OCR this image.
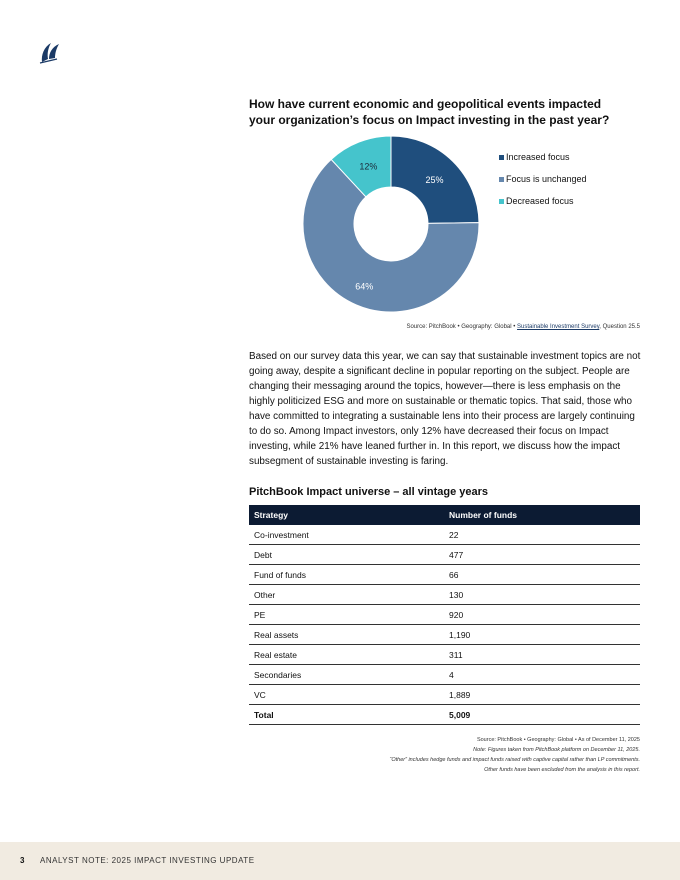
How have current economic and geopolitical events impacted your organization’s focus on Impact investing in the past year?
25%
64%
12%
Increased focus
Focus is unchanged
Decreased focus
Source: PitchBook • Geography: Global • Sustainable Investment Survey, Question 25.5

Based on our survey data this year, we can say that sustainable investment topics are not going away, despite a significant decline in popular reporting on the subject. People are changing their messaging around the topics, however—there is less emphasis on the highly politicized ESG and more on sustainable or thematic topics. That said, those who have committed to integrating a sustainable lens into their process are largely continuing to do so. Among Impact investors, only 12% have decreased their focus on Impact investing, while 21% have leaned further in. In this report, we discuss how the impact subsegment of sustainable investing is faring.

PitchBook Impact universe – all vintage years
Strategy	Number of funds
Co-investment	22
Debt	477
Fund of funds	66
Other	130
PE	920
Real assets	1,190
Real estate	311
Secondaries	4
VC	1,889
Total	5,009
Source: PitchBook • Geography: Global • As of December 11, 2025
Note: Figures taken from PitchBook platform on December 11, 2025.
“Other” includes hedge funds and impact funds raised with captive capital rather than LP commitments.
Other funds have been excluded from the analysis in this report.
3 ANALYST NOTE: 2025 IMPACT INVESTING UPDATE
